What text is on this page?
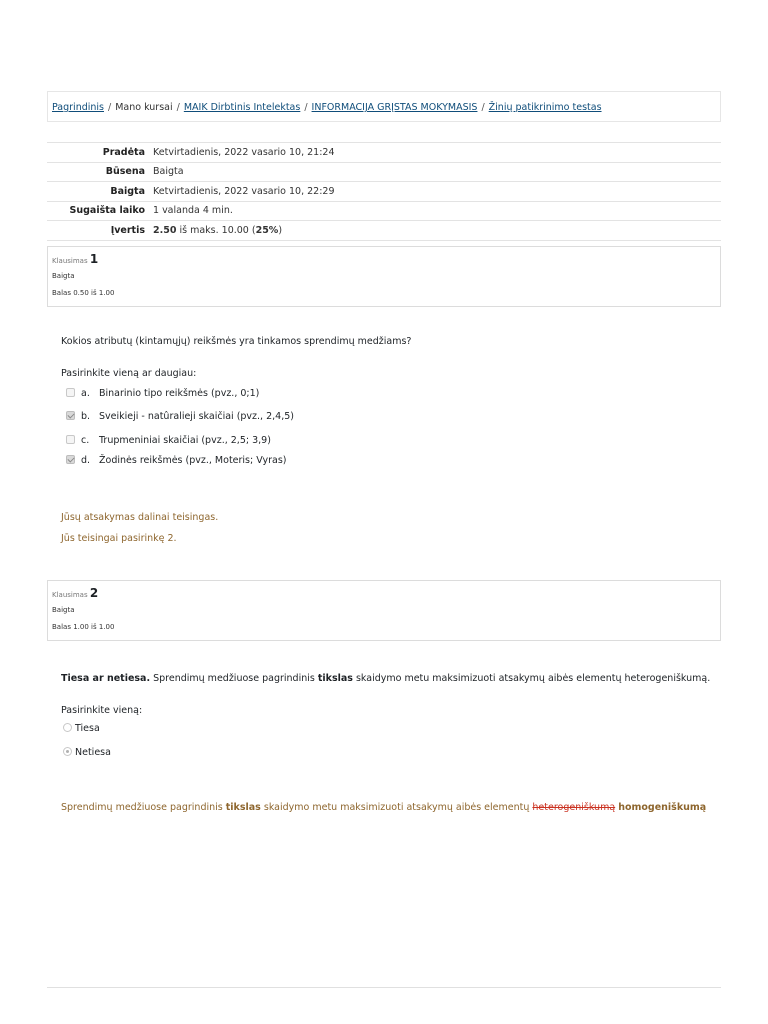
Pagrindinis / Mano kursai / MAIK Dirbtinis Intelektas / INFORMACIJA GRĮSTAS MOKYMASIS / Žinių patikrinimo testas
Pradėta	Ketvirtadienis, 2022 vasario 10, 21:24
Būsena	Baigta
Baigta	Ketvirtadienis, 2022 vasario 10, 22:29
Sugaišta laiko	1 valanda 4 min.
Įvertis	2.50 iš maks. 10.00 (25%)
Klausimas 1
Baigta
Balas 0.50 iš 1.00
Kokios atributų (kintamųjų) reikšmės yra tinkamos sprendimų medžiams?
Pasirinkite vieną ar daugiau:
a. Binarinio tipo reikšmės (pvz., 0;1)
b. Sveikieji - natûralieji skaičiai (pvz., 2,4,5)
c. Trupmeniniai skaičiai (pvz., 2,5; 3,9)
d. Žodinės reikšmės (pvz., Moteris; Vyras)
Jūsų atsakymas dalinai teisingas.
Jūs teisingai pasirinkę 2.
Klausimas 2
Baigta
Balas 1.00 iš 1.00
Tiesa ar netiesa. Sprendimų medžiuose pagrindinis tikslas skaidymo metu maksimizuoti atsakymų aibės elementų heterogeniškumą.
Pasirinkite vieną:
Tiesa
Netiesa
Sprendimų medžiuose pagrindinis tikslas skaidymo metu maksimizuoti atsakymų aibės elementų heterogeniškumą homogeniškumą
